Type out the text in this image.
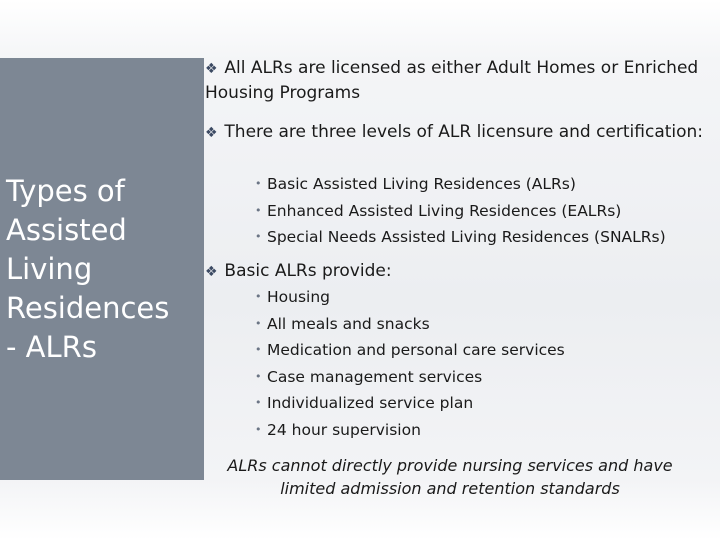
Types of
Assisted
Living
Residences
- ALRs
❖ All ALRs are licensed as either Adult Homes or Enriched Housing Programs
❖ There are three levels of ALR licensure and certification:
• Basic Assisted Living Residences (ALRs)
• Enhanced Assisted Living Residences (EALRs)
• Special Needs Assisted Living Residences (SNALRs)
❖ Basic ALRs provide:
• Housing
• All meals and snacks
• Medication and personal care services
• Case management services
• Individualized service plan
• 24 hour supervision
ALRs cannot directly provide nursing services and have limited admission and retention standards
